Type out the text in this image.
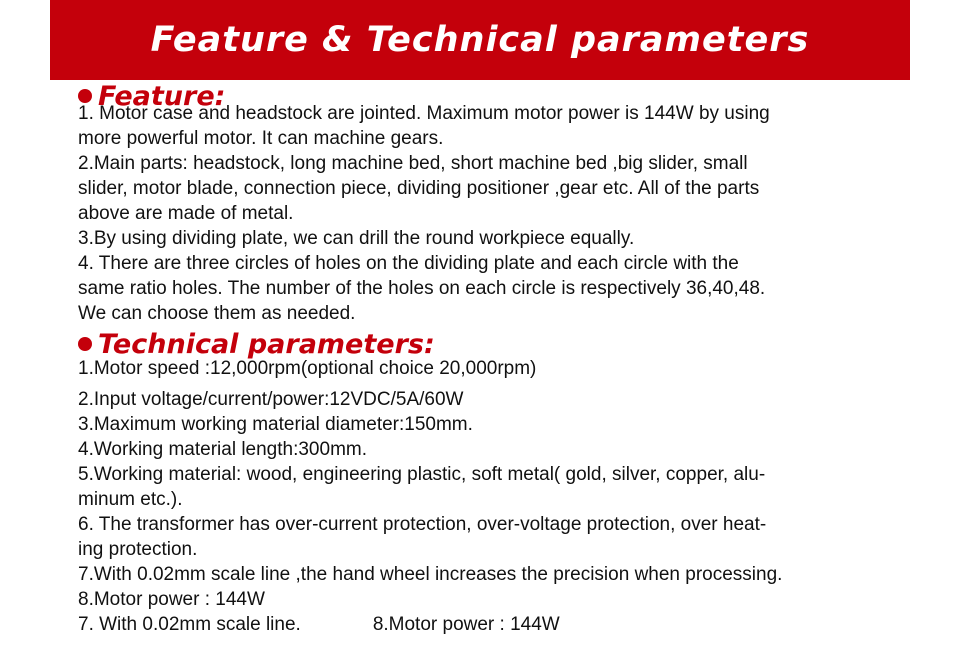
Feature & Technical parameters
Feature:
1. Motor case and headstock are jointed. Maximum motor power is 144W by using
more powerful motor. It can machine gears.
2.Main parts: headstock, long machine bed, short machine bed ,big slider, small
slider, motor blade, connection piece, dividing positioner ,gear etc. All of the parts
above are made of metal.
3.By using dividing plate, we can drill the round workpiece equally.
4. There are three circles of holes on the dividing plate and each circle with the
same ratio holes. The number of the holes on each circle is respectively 36,40,48.
We can choose them as needed.
Technical parameters:
1.Motor speed :12,000rpm(optional choice 20,000rpm)
2.Input voltage/current/power:12VDC/5A/60W
3.Maximum working material diameter:150mm.
4.Working material length:300mm.
5.Working material: wood, engineering plastic, soft metal( gold, silver, copper, alu-
minum etc.).
6. The transformer has over-current protection, over-voltage protection, over heat-
ing protection.
7.With 0.02mm scale line ,the hand wheel increases the precision when processing.
8.Motor power : 144W
7. With 0.02mm scale line.	8.Motor power : 144W
